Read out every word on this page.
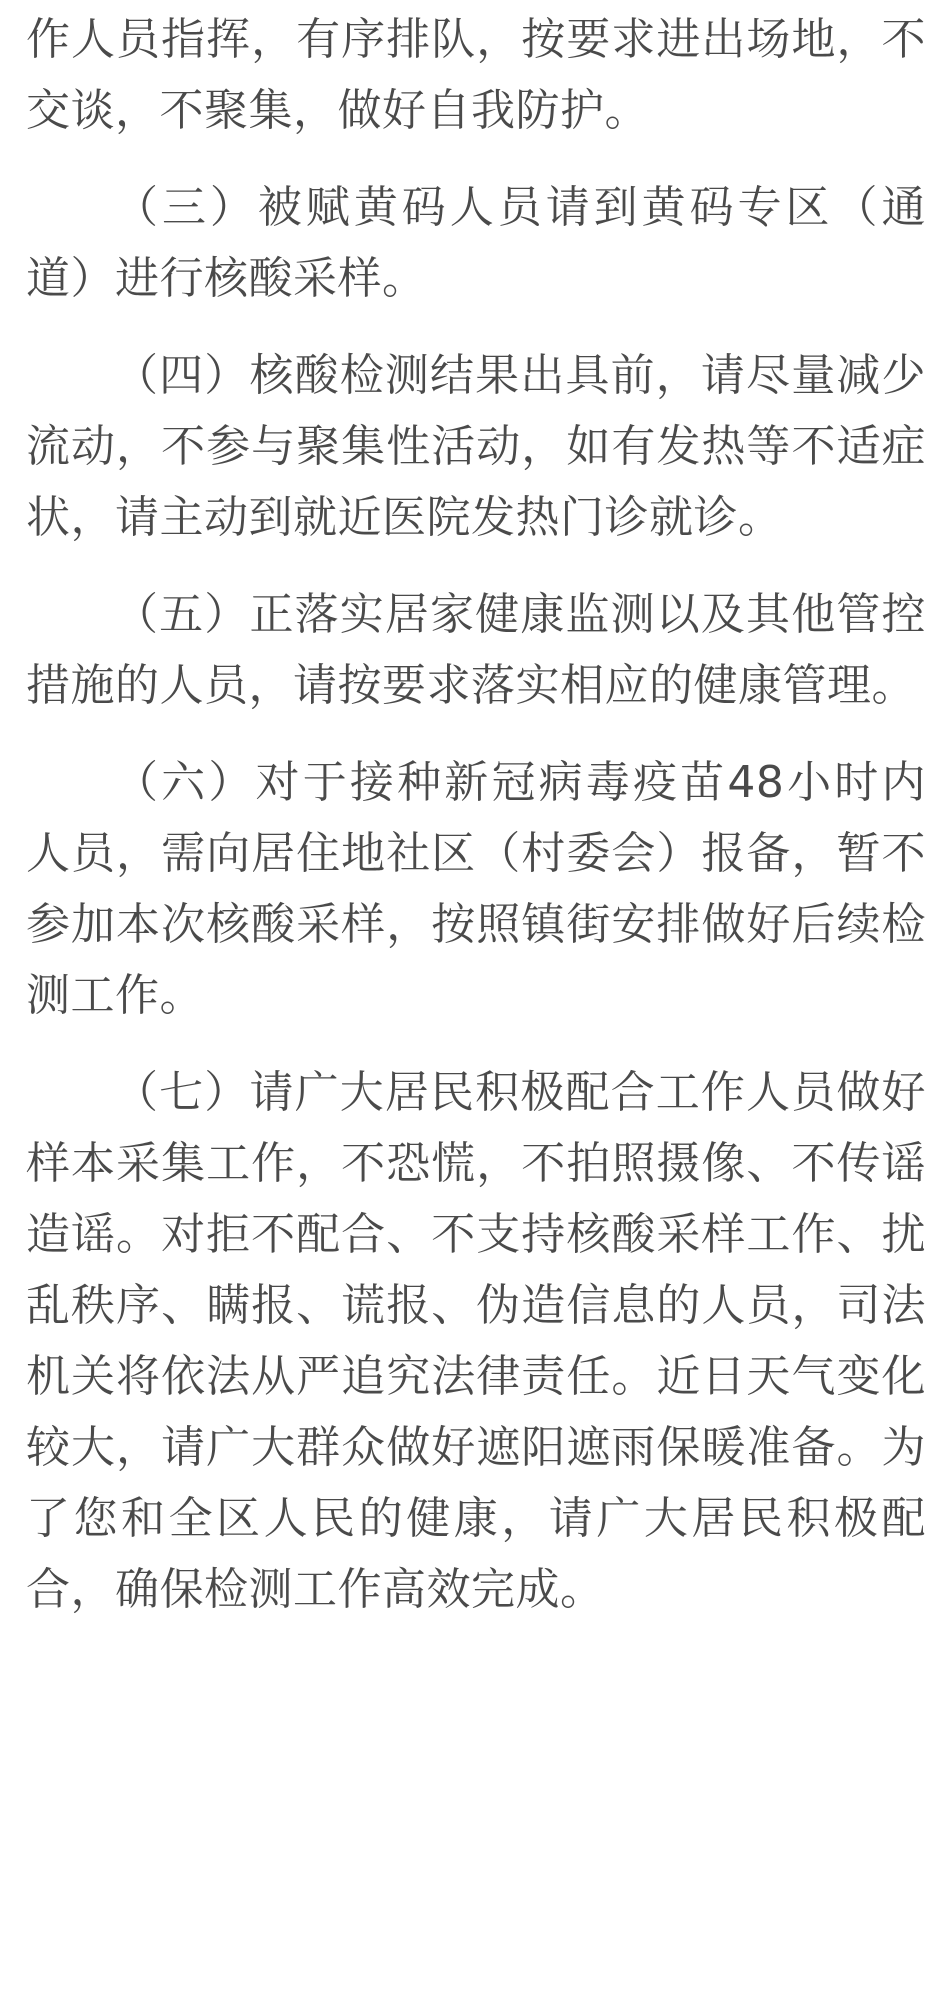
作人员指挥，有序排队，按要求进出场地，不交谈，不聚集，做好自我防护。

（三）被赋黄码人员请到黄码专区（通道）进行核酸采样。

（四）核酸检测结果出具前，请尽量减少流动，不参与聚集性活动，如有发热等不适症状，请主动到就近医院发热门诊就诊。

（五）正落实居家健康监测以及其他管控措施的人员，请按要求落实相应的健康管理。

（六）对于接种新冠病毒疫苗48小时内人员，需向居住地社区（村委会）报备，暂不参加本次核酸采样，按照镇街安排做好后续检测工作。

（七）请广大居民积极配合工作人员做好样本采集工作，不恐慌，不拍照摄像、不传谣造谣。对拒不配合、不支持核酸采样工作、扰乱秩序、瞒报、谎报、伪造信息的人员，司法机关将依法从严追究法律责任。近日天气变化较大，请广大群众做好遮阳遮雨保暖准备。为了您和全区人民的健康，请广大居民积极配合，确保检测工作高效完成。
